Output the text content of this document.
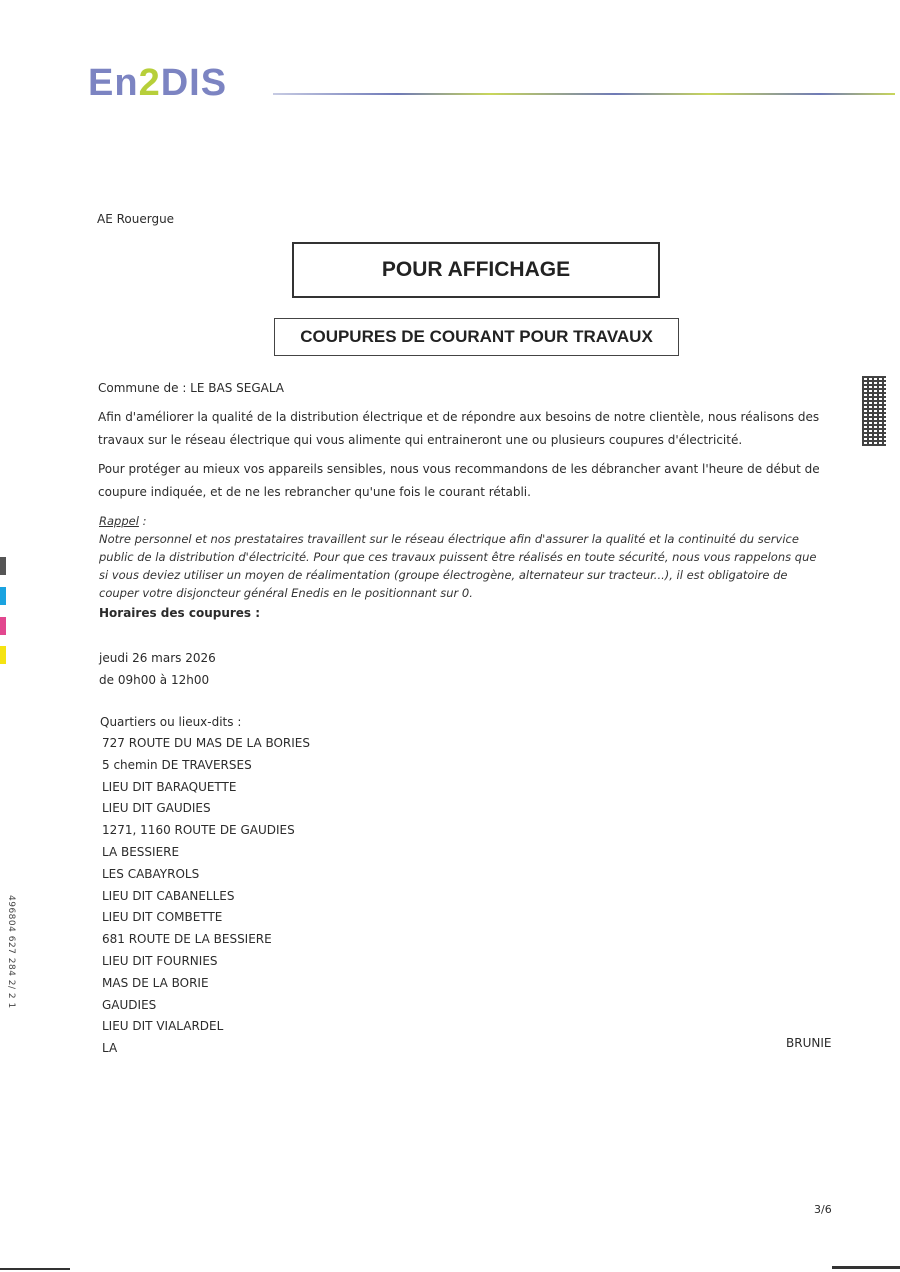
En2DIS
AE Rouergue
POUR AFFICHAGE
COUPURES DE COURANT POUR TRAVAUX
Commune de : LE BAS SEGALA
Afin d'améliorer la qualité de la distribution électrique et de répondre aux besoins de notre clientèle, nous réalisons des travaux sur le réseau électrique qui vous alimente qui entraineront une ou plusieurs coupures d'électricité.
Pour protéger au mieux vos appareils sensibles, nous vous recommandons de les débrancher avant l'heure de début de coupure indiquée, et de ne les rebrancher qu'une fois le courant rétabli.
Rappel :
Notre personnel et nos prestataires travaillent sur le réseau électrique afin d'assurer la qualité et la continuité du service public de la distribution d'électricité. Pour que ces travaux puissent être réalisés en toute sécurité, nous vous rappelons que si vous deviez utiliser un moyen de réalimentation (groupe électrogène, alternateur sur tracteur...), il est obligatoire de couper votre disjoncteur général Enedis en le positionnant sur 0.
Horaires des coupures :
jeudi 26 mars 2026
de 09h00 à 12h00
Quartiers ou lieux-dits :
727 ROUTE DU MAS DE LA BORIES
5 chemin DE TRAVERSES
LIEU DIT BARAQUETTE
LIEU DIT GAUDIES
1271, 1160 ROUTE DE GAUDIES
LA BESSIERE
LES CABAYROLS
LIEU DIT CABANELLES
LIEU DIT COMBETTE
681 ROUTE DE LA BESSIERE
LIEU DIT FOURNIES
MAS DE LA BORIE
GAUDIES
LIEU DIT VIALARDEL
LA	BRUNIE
3/6
496804 627 284 2/ 2 1
